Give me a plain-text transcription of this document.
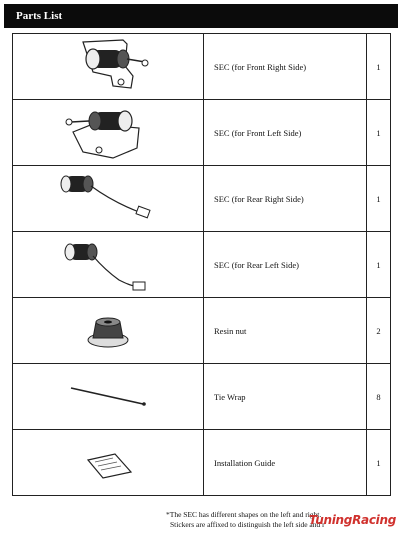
Parts List
	SEC (for Front Right Side)	1

	SEC (for Front Left Side)	1

	SEC (for Rear Right Side)	1

	SEC (for Rear Left Side)	1

	Resin nut	2

	Tie Wrap	8

	Installation Guide	1
*The SEC has different shapes on the left and right.
Stickers are affixed to distinguish the left side and r
TuningRacing
